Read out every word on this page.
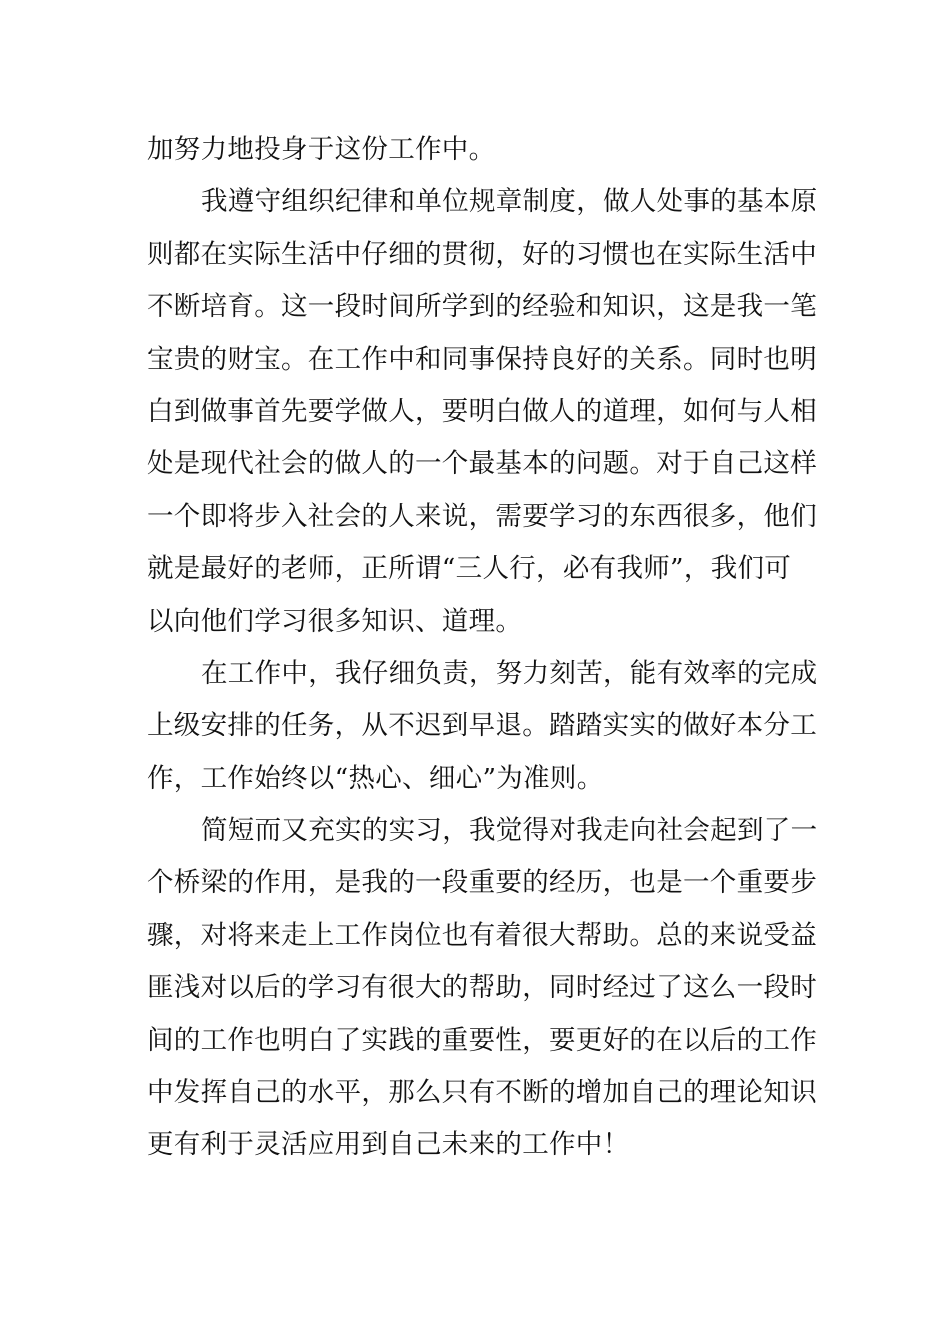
加努力地投身于这份工作中。
我遵守组织纪律和单位规章制度，做人处事的基本原
则都在实际生活中仔细的贯彻，好的习惯也在实际生活中
不断培育。这一段时间所学到的经验和知识，这是我一笔
宝贵的财宝。在工作中和同事保持良好的关系。同时也明
白到做事首先要学做人，要明白做人的道理，如何与人相
处是现代社会的做人的一个最基本的问题。对于自己这样
一个即将步入社会的人来说，需要学习的东西很多，他们
就是最好的老师，正所谓“三人行，必有我师”，我们可
以向他们学习很多知识、道理。
在工作中，我仔细负责，努力刻苦，能有效率的完成
上级安排的任务，从不迟到早退。踏踏实实的做好本分工
作，工作始终以“热心、细心”为准则。
简短而又充实的实习，我觉得对我走向社会起到了一
个桥梁的作用，是我的一段重要的经历，也是一个重要步
骤，对将来走上工作岗位也有着很大帮助。总的来说受益
匪浅对以后的学习有很大的帮助，同时经过了这么一段时
间的工作也明白了实践的重要性，要更好的在以后的工作
中发挥自己的水平，那么只有不断的增加自己的理论知识
更有利于灵活应用到自己未来的工作中！
